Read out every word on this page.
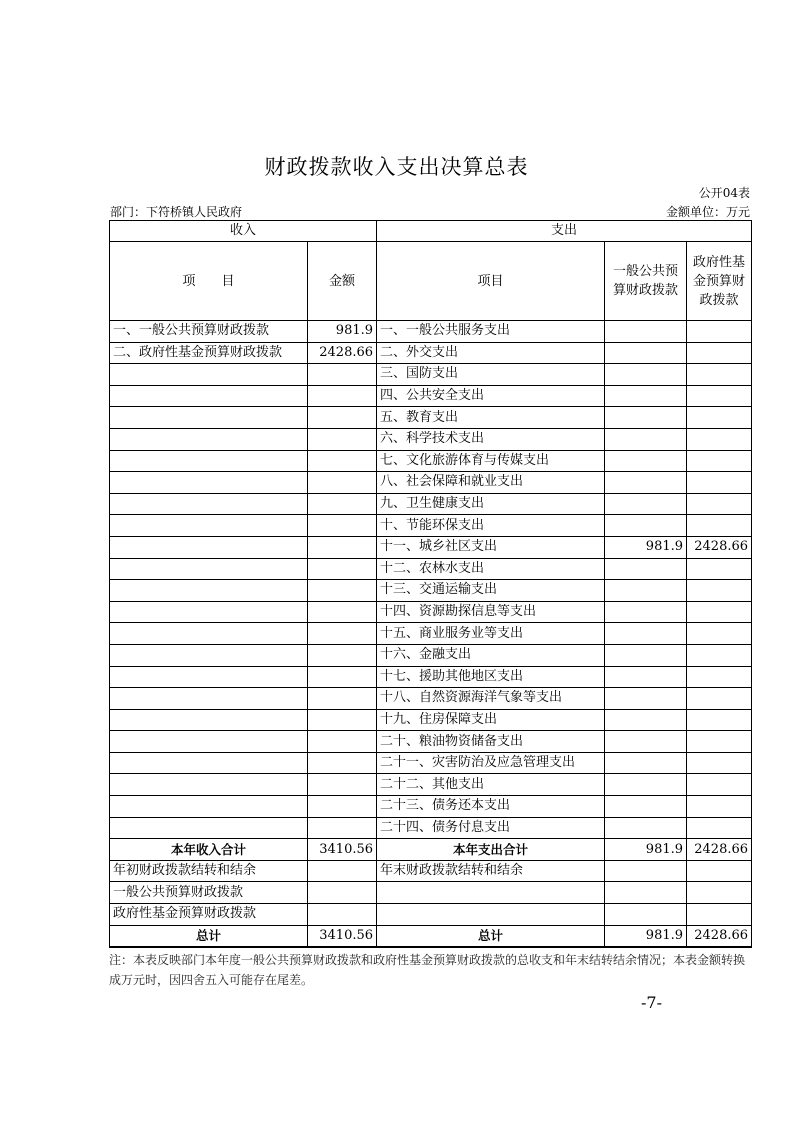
财政拨款收入支出决算总表
公开04表
部门：下符桥镇人民政府	金额单位：万元
收入		支出		
项　　目	金额	项目	一般公共预算财政拨款	政府性基金预算财政拨款
一、一般公共预算财政拨款	981.9	一、一般公共服务支出		
二、政府性基金预算财政拨款	2428.66	二、外交支出		
		三、国防支出		
		四、公共安全支出		
		五、教育支出		
		六、科学技术支出		
		七、文化旅游体育与传媒支出		
		八、社会保障和就业支出		
		九、卫生健康支出		
		十、节能环保支出		
		十一、城乡社区支出	981.9	2428.66
		十二、农林水支出		
		十三、交通运输支出		
		十四、资源勘探信息等支出		
		十五、商业服务业等支出		
		十六、金融支出		
		十七、援助其他地区支出		
		十八、自然资源海洋气象等支出		
		十九、住房保障支出		
		二十、粮油物资储备支出		
		二十一、灾害防治及应急管理支出		
		二十二、其他支出		
		二十三、债务还本支出		
		二十四、债务付息支出		
本年收入合计	3410.56	本年支出合计	981.9	2428.66
年初财政拨款结转和结余		年末财政拨款结转和结余		
一般公共预算财政拨款				
政府性基金预算财政拨款				
总计	3410.56	总计	981.9	2428.66
注：本表反映部门本年度一般公共预算财政拨款和政府性基金预算财政拨款的总收支和年末结转结余情况；本表金额转换成万元时，因四舍五入可能存在尾差。
-7-
